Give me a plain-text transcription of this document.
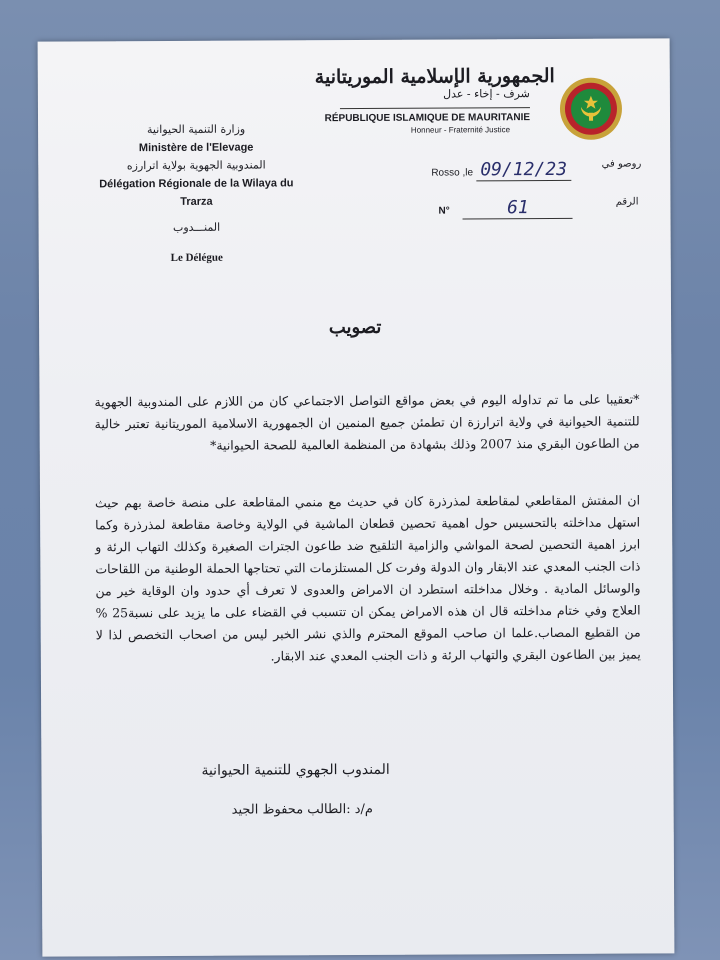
الجمهورية الإسلامية الموريتانية
شرف - إخاء - عدل
RÉPUBLIQUE ISLAMIQUE DE MAURITANIE
Honneur - Fraternité Justice
وزارة التنمية الحيوانية
Ministère de l'Elevage
المندوبية الجهوية بولاية اترارزه
Délégation Régionale de la Wilaya du Trarza
المنـــدوب
Le Délégue
Rosso ,le 09/12/23	روصو في
N°	61	الرقم
تصويب
*تعقيبا على ما تم تداوله اليوم في بعض مواقع التواصل الاجتماعي كان من اللازم على المندوبية الجهوية للتنمية الحيوانية في ولاية اترارزة ان تطمئن جميع المنمين ان الجمهورية الاسلامية الموريتانية تعتبر خالية من الطاعون البقري منذ 2007 وذلك بشهادة من المنظمة العالمية للصحة الحيوانية*
ان المفتش المقاطعي لمقاطعة لمذرذرة كان في حديث مع منمي المقاطعة على منصة خاصة بهم حيث استهل مداخلته بالتحسيس حول اهمية تحصين قطعان الماشية في الولاية وخاصة مقاطعة لمذرذرة وكما ابرز اهمية التحصين لصحة المواشي والزامية التلقيح ضد طاعون الجترات الصغيرة وكذلك التهاب الرئة و ذات الجنب المعدي عند الابقار وان الدولة وفرت كل المستلزمات التي تحتاجها الحملة الوطنية من اللقاحات والوسائل المادية . وخلال مداخلته استطرد ان الامراض والعدوى لا تعرف أي حدود وان الوقاية خير من العلاج وفي ختام مداخلته قال ان هذه الامراض يمكن ان تتسبب في القضاء على ما يزيد على نسبة25 % من القطيع المصاب.علما ان صاحب الموقع المحترم والذي نشر الخبر ليس من اصحاب التخصص لذا لا يميز بين الطاعون البقري والتهاب الرئة و ذات الجنب المعدي عند الابقار.
المندوب الجهوي للتنمية الحيوانية
م/د :الطالب محفوظ الجيد
